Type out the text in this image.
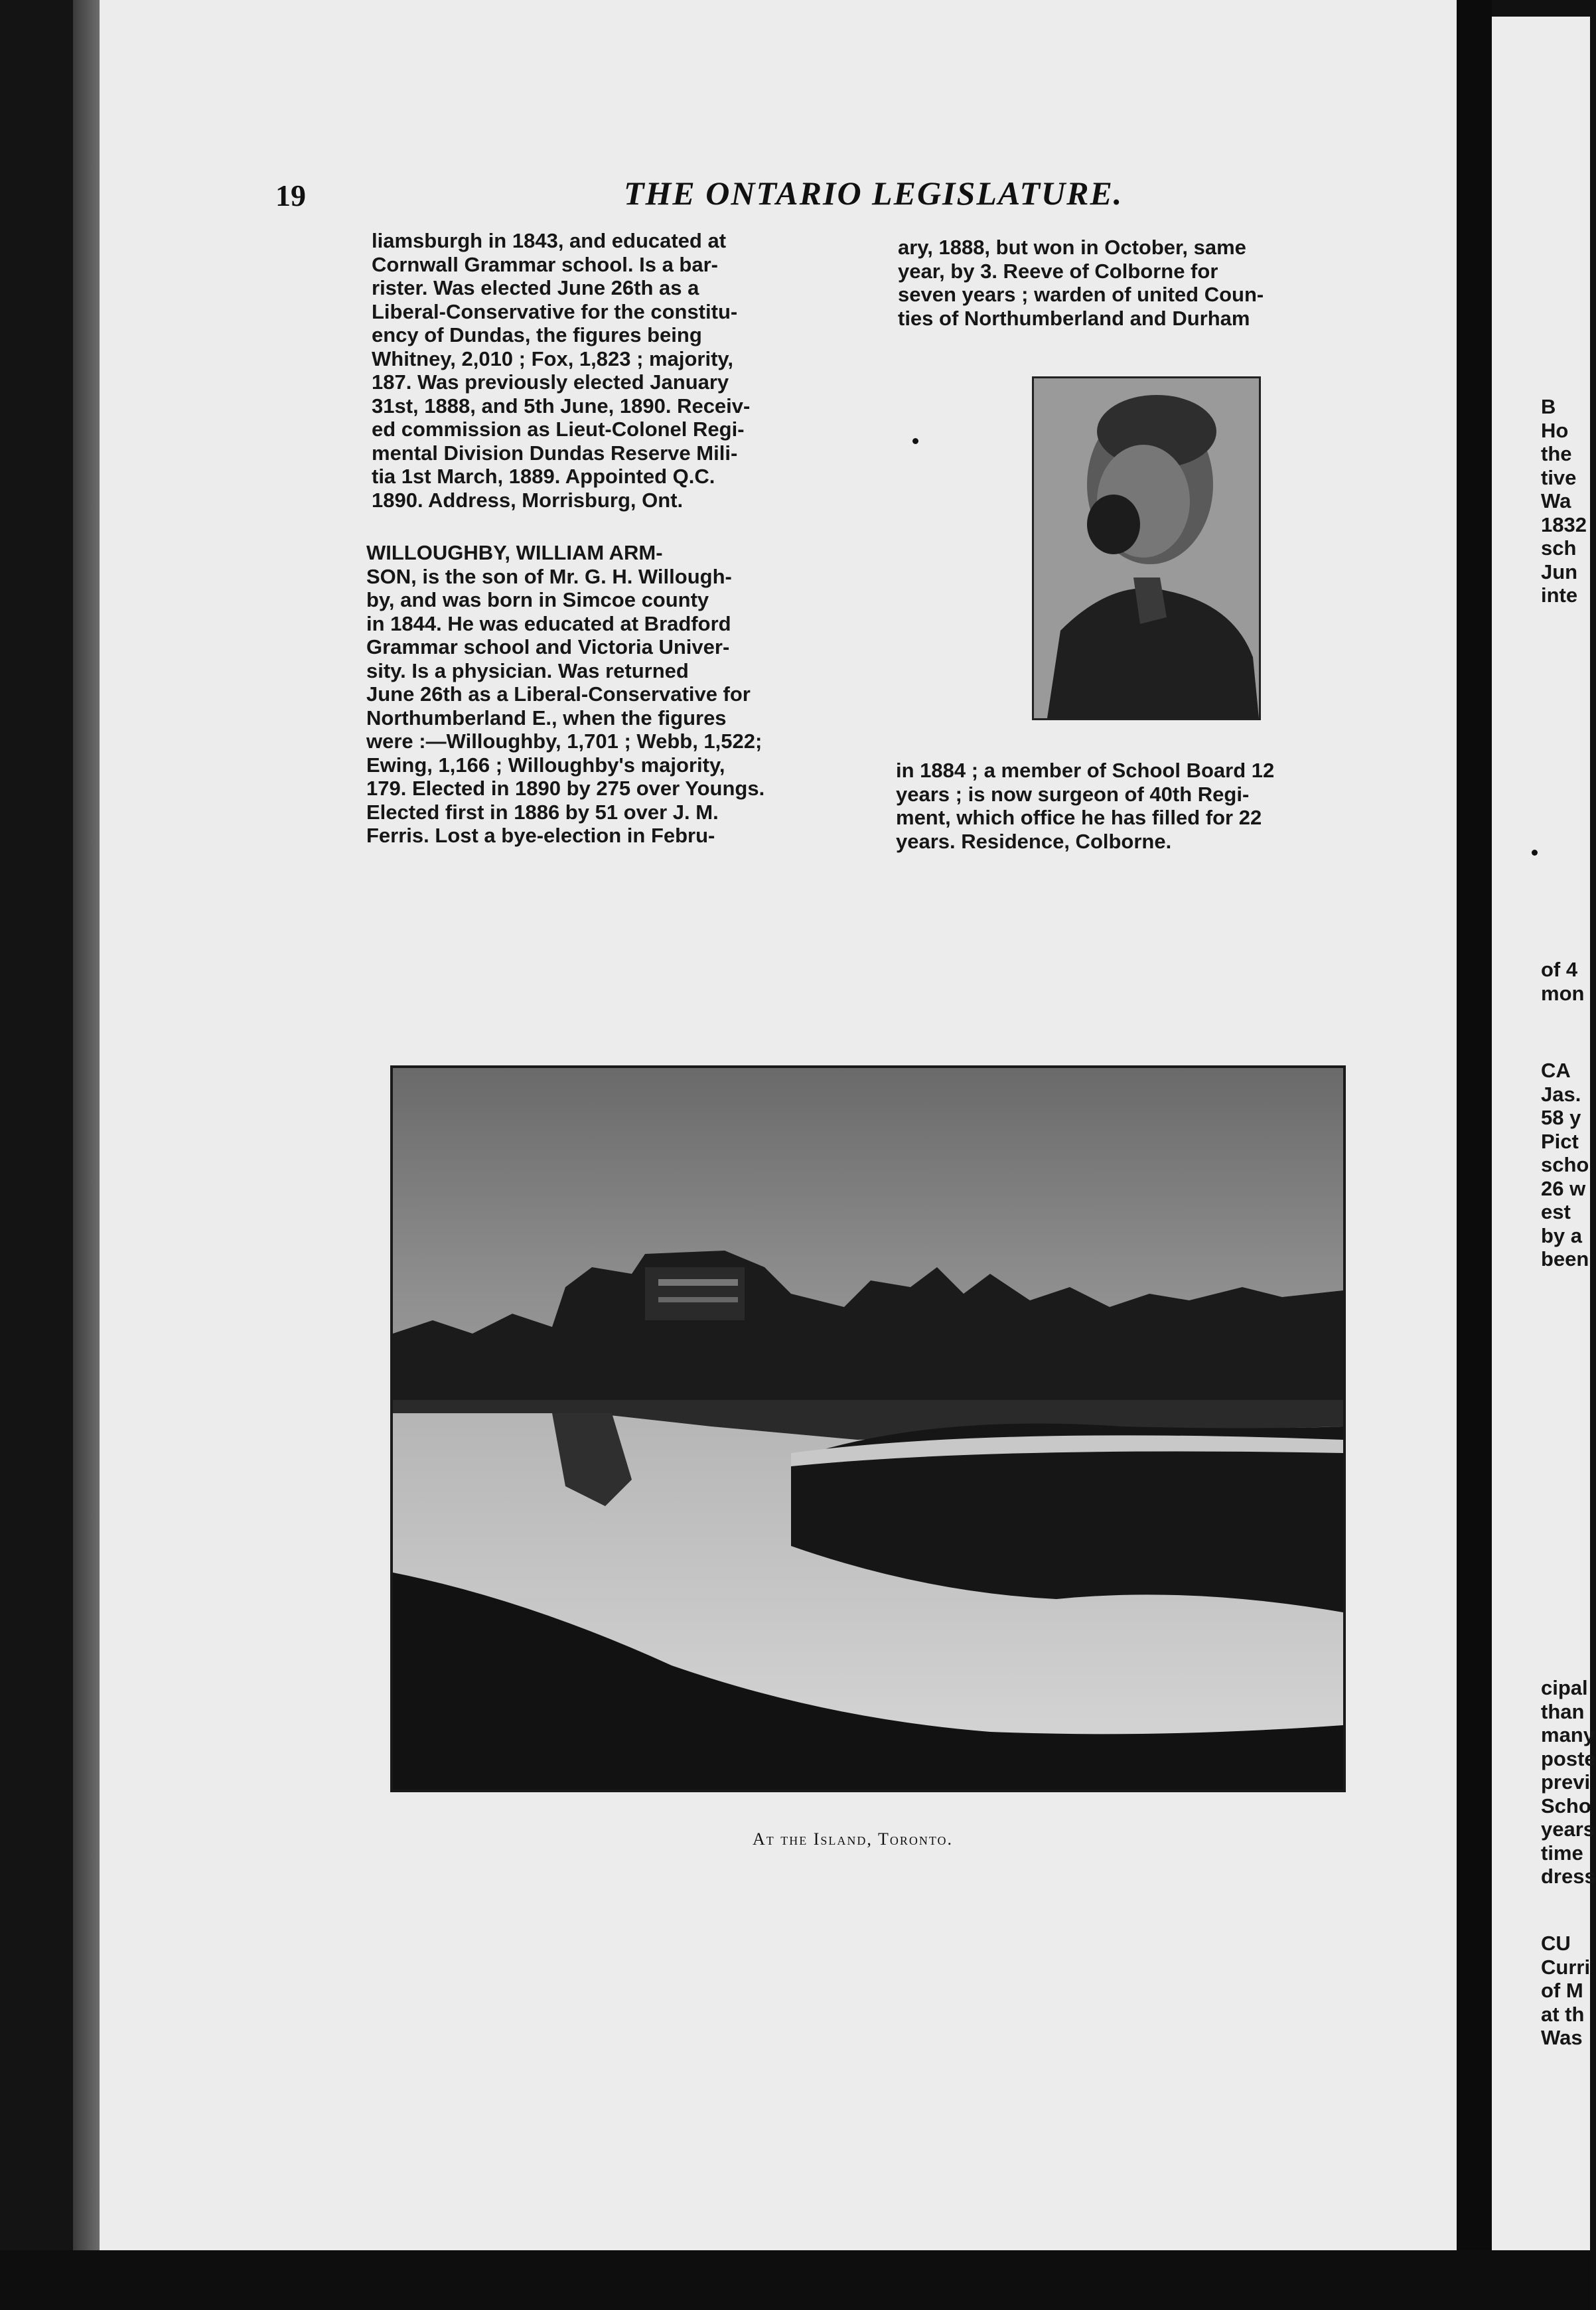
19	THE ONTARIO LEGISLATURE.

liamsburgh in 1843, and educated at
Cornwall Grammar school. Is a bar-
rister. Was elected June 26th as a
Liberal-Conservative for the constitu-
ency of Dundas, the figures being
Whitney, 2,010 ; Fox, 1,823 ; majority,
187. Was previously elected January
31st, 1888, and 5th June, 1890. Receiv-
ed commission as Lieut-Colonel Regi-
mental Division Dundas Reserve Mili-
tia 1st March, 1889. Appointed Q.C.
1890. Address, Morrisburg, Ont.

WILLOUGHBY, WILLIAM ARM-
SON, is the son of Mr. G. H. Willough-
by, and was born in Simcoe county
in 1844. He was educated at Bradford
Grammar school and Victoria Univer-
sity. Is a physician. Was returned
June 26th as a Liberal-Conservative for
Northumberland E., when the figures
were :—Willoughby, 1,701 ; Webb, 1,522;
Ewing, 1,166 ; Willoughby's majority,
179. Elected in 1890 by 275 over Youngs.
Elected first in 1886 by 51 over J. M.
Ferris. Lost a bye-election in Febru-

ary, 1888, but won in October, same
year, by 3. Reeve of Colborne for
seven years ; warden of united Coun-
ties of Northumberland and Durham

in 1884 ; a member of School Board 12
years ; is now surgeon of 40th Regi-
ment, which office he has filled for 22
years. Residence, Colborne.

At the Island, Toronto.

B
Ho
the
tive
Wa
1832
sch
Jun
inte

of 4
mon

CA
Jas.
58 y
Pict
scho
26 w
est
by a
been

cipal
than
many
poste
previ
Scho
years
time
dress

CU
Curri
of M
at th
Was
